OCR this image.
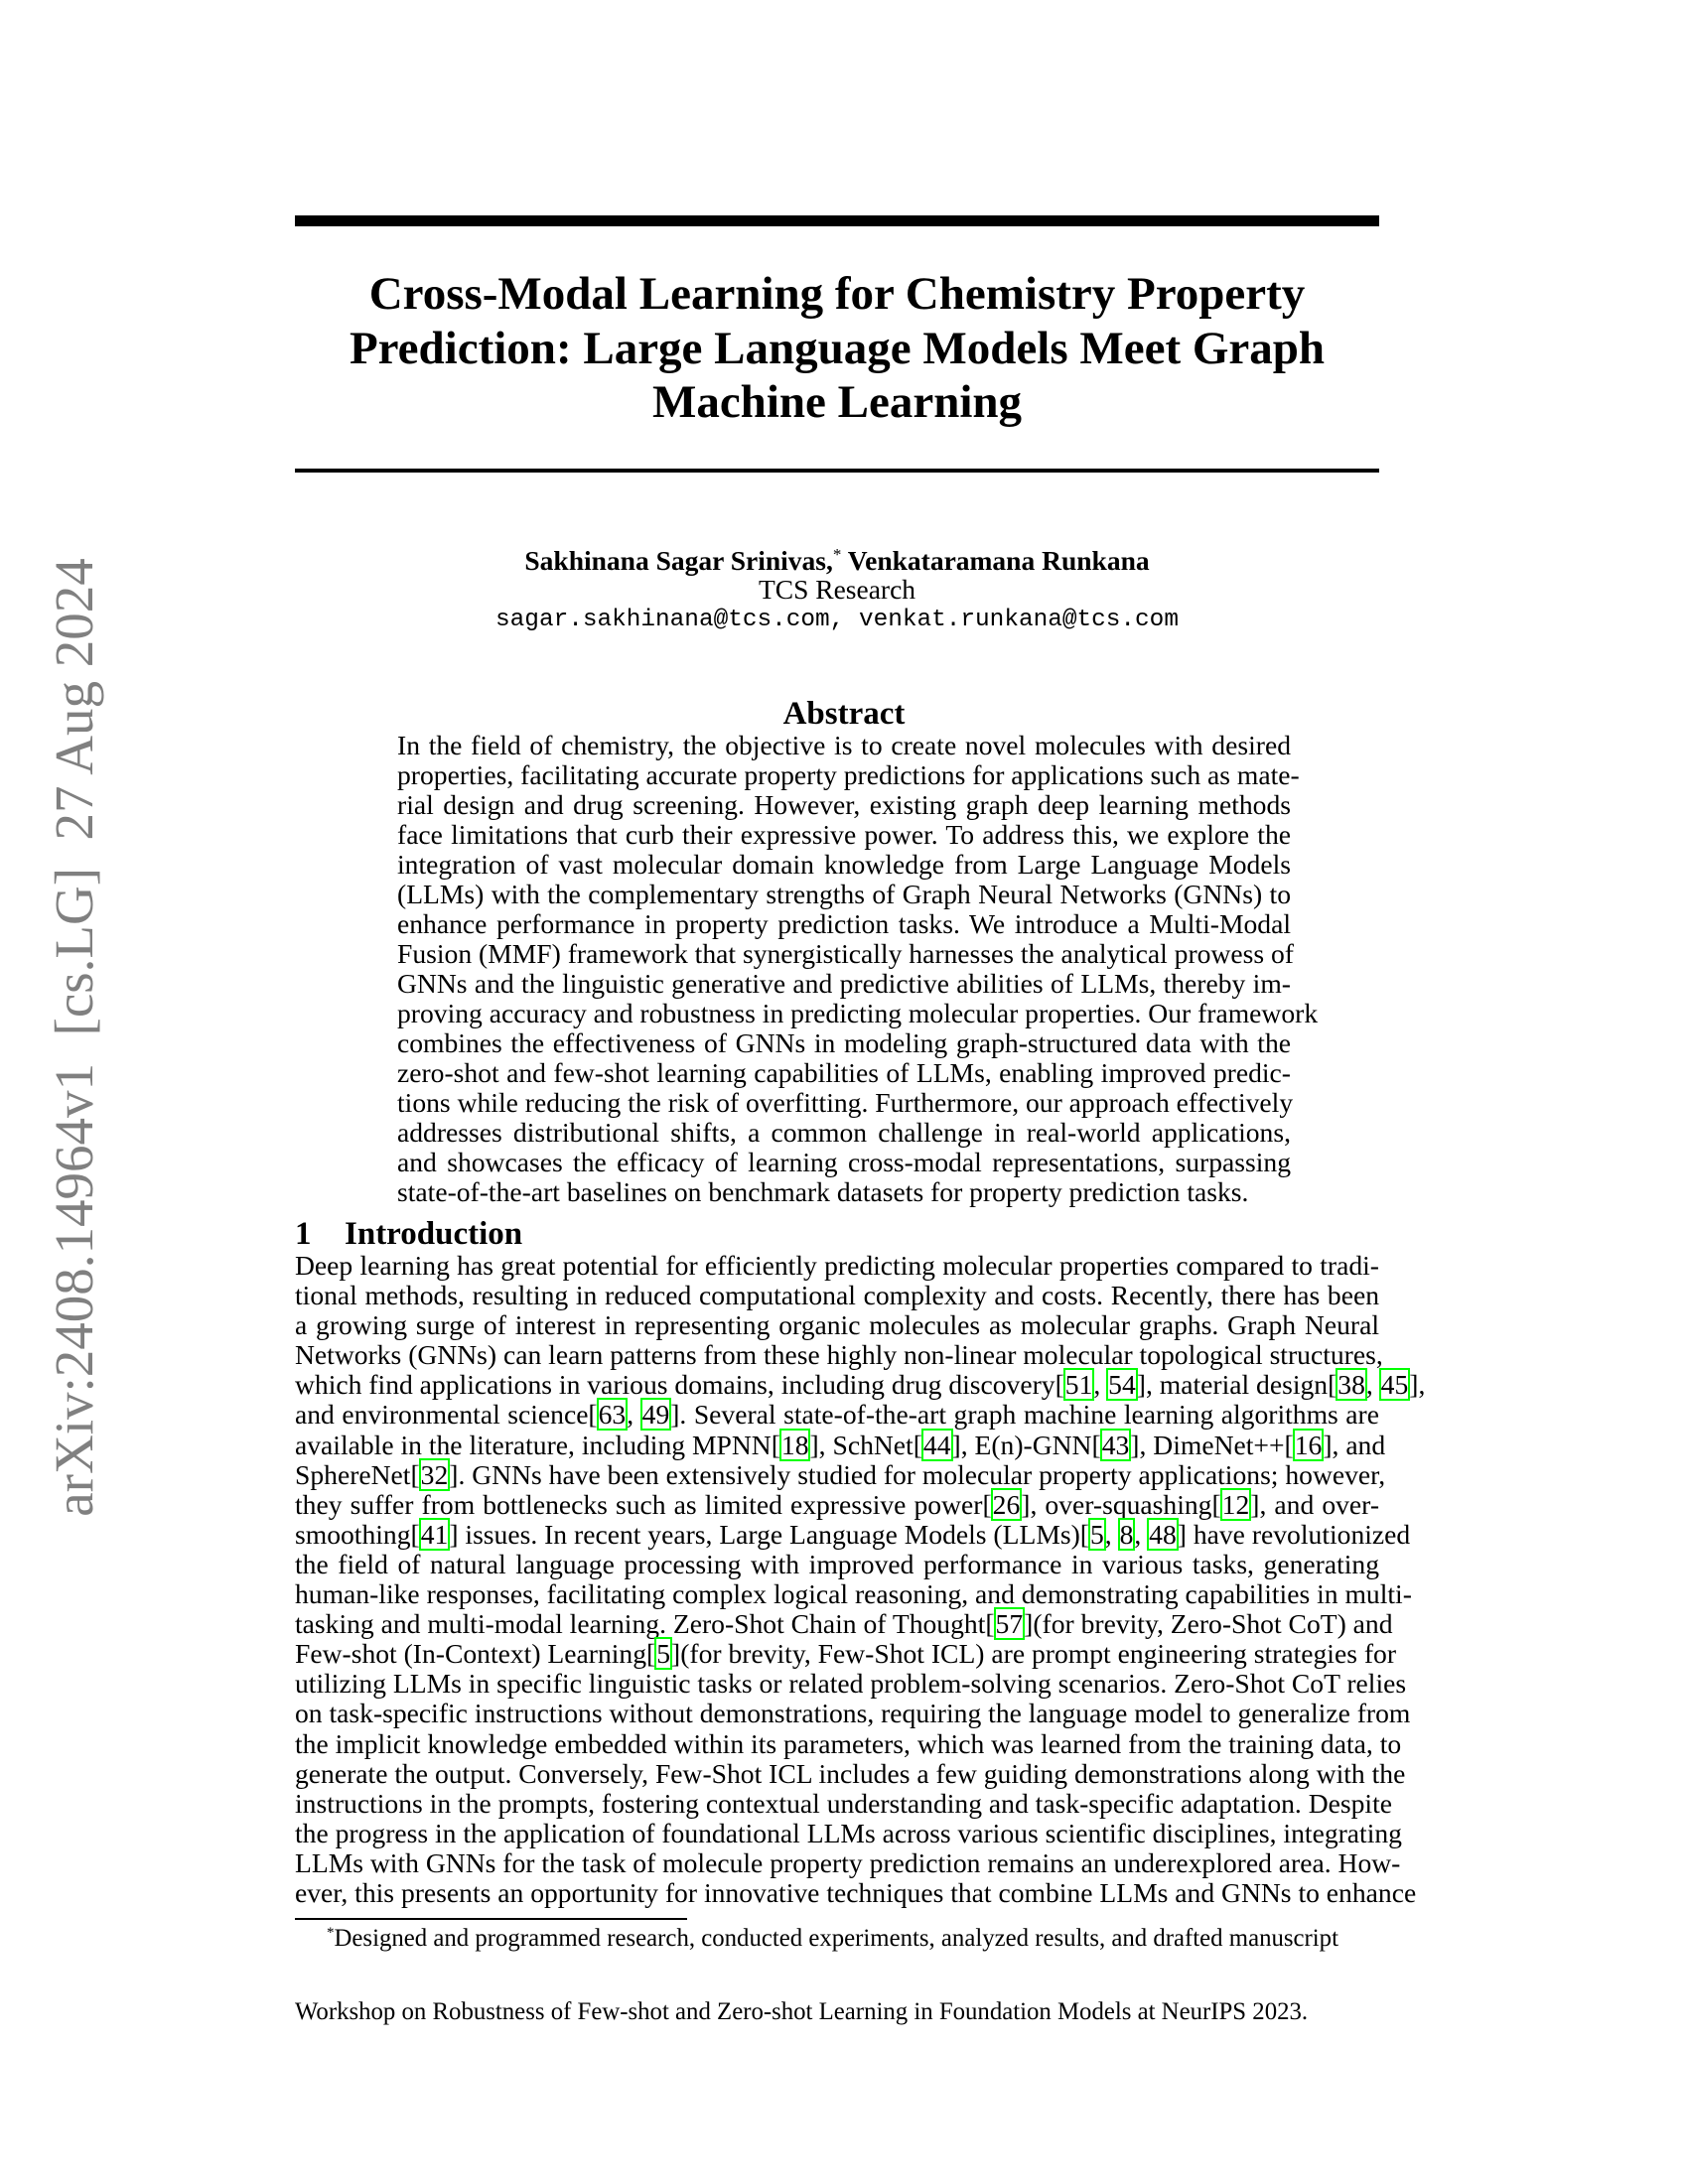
arXiv:2408.14964v1  [cs.LG]  27 Aug 2024
Cross-Modal Learning for Chemistry Property
Prediction: Large Language Models Meet Graph
Machine Learning
Sakhinana Sagar Srinivas,* Venkataramana Runkana
TCS Research
sagar.sakhinana@tcs.com, venkat.runkana@tcs.com
Abstract
In the field of chemistry, the objective is to create novel molecules with desired
properties, facilitating accurate property predictions for applications such as mate-
rial design and drug screening. However, existing graph deep learning methods
face limitations that curb their expressive power. To address this, we explore the
integration of vast molecular domain knowledge from Large Language Models
(LLMs) with the complementary strengths of Graph Neural Networks (GNNs) to
enhance performance in property prediction tasks. We introduce a Multi-Modal
Fusion (MMF) framework that synergistically harnesses the analytical prowess of
GNNs and the linguistic generative and predictive abilities of LLMs, thereby im-
proving accuracy and robustness in predicting molecular properties. Our framework
combines the effectiveness of GNNs in modeling graph-structured data with the
zero-shot and few-shot learning capabilities of LLMs, enabling improved predic-
tions while reducing the risk of overfitting. Furthermore, our approach effectively
addresses distributional shifts, a common challenge in real-world applications,
and showcases the efficacy of learning cross-modal representations, surpassing
state-of-the-art baselines on benchmark datasets for property prediction tasks.
1 Introduction
Deep learning has great potential for efficiently predicting molecular properties compared to tradi-
tional methods, resulting in reduced computational complexity and costs. Recently, there has been
a growing surge of interest in representing organic molecules as molecular graphs. Graph Neural
Networks (GNNs) can learn patterns from these highly non-linear molecular topological structures,
which find applications in various domains, including drug discovery[51, 54], material design[38, 45],
and environmental science[63, 49]. Several state-of-the-art graph machine learning algorithms are
available in the literature, including MPNN[18], SchNet[44], E(n)-GNN[43], DimeNet++[16], and
SphereNet[32]. GNNs have been extensively studied for molecular property applications; however,
they suffer from bottlenecks such as limited expressive power[26], over-squashing[12], and over-
smoothing[41] issues. In recent years, Large Language Models (LLMs)[5, 8, 48] have revolutionized
the field of natural language processing with improved performance in various tasks, generating
human-like responses, facilitating complex logical reasoning, and demonstrating capabilities in multi-
tasking and multi-modal learning. Zero-Shot Chain of Thought[57](for brevity, Zero-Shot CoT) and
Few-shot (In-Context) Learning[5](for brevity, Few-Shot ICL) are prompt engineering strategies for
utilizing LLMs in specific linguistic tasks or related problem-solving scenarios. Zero-Shot CoT relies
on task-specific instructions without demonstrations, requiring the language model to generalize from
the implicit knowledge embedded within its parameters, which was learned from the training data, to
generate the output. Conversely, Few-Shot ICL includes a few guiding demonstrations along with the
instructions in the prompts, fostering contextual understanding and task-specific adaptation. Despite
the progress in the application of foundational LLMs across various scientific disciplines, integrating
LLMs with GNNs for the task of molecule property prediction remains an underexplored area. How-
ever, this presents an opportunity for innovative techniques that combine LLMs and GNNs to enhance
*Designed and programmed research, conducted experiments, analyzed results, and drafted manuscript
Workshop on Robustness of Few-shot and Zero-shot Learning in Foundation Models at NeurIPS 2023.
